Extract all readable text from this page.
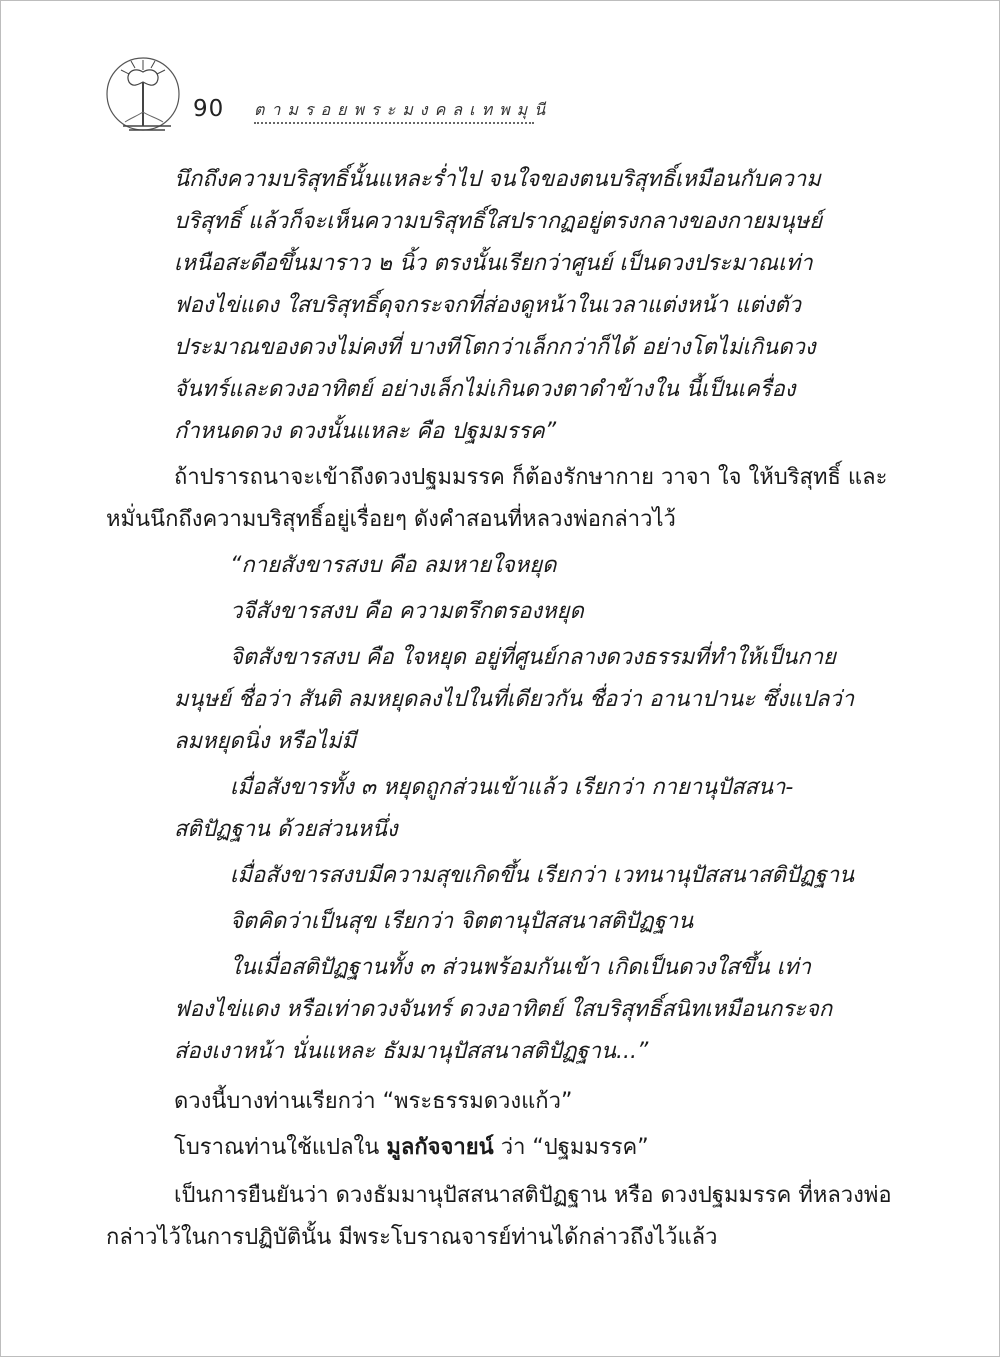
90 ตามรอยพระมงคลเทพมุนี

นึกถึงความบริสุทธิ์นั้นแหละร่ำไป จนใจของตนบริสุทธิ์เหมือนกับความ

บริสุทธิ์ แล้วก็จะเห็นความบริสุทธิ์ใสปรากฏอยู่ตรงกลางของกายมนุษย์

เหนือสะดือขึ้นมาราว ๒ นิ้ว ตรงนั้นเรียกว่าศูนย์ เป็นดวงประมาณเท่า

ฟองไข่แดง ใสบริสุทธิ์ดุจกระจกที่ส่องดูหน้าในเวลาแต่งหน้า แต่งตัว

ประมาณของดวงไม่คงที่ บางทีโตกว่าเล็กกว่าก็ได้ อย่างโตไม่เกินดวง

จันทร์และดวงอาทิตย์ อย่างเล็กไม่เกินดวงตาดำข้างใน นี้เป็นเครื่อง

กำหนดดวง ดวงนั้นแหละ คือ ปฐมมรรค”

ถ้าปรารถนาจะเข้าถึงดวงปฐมมรรค ก็ต้องรักษากาย วาจา ใจ ให้บริสุทธิ์ และ

หมั่นนึกถึงความบริสุทธิ์อยู่เรื่อยๆ ดังคำสอนที่หลวงพ่อกล่าวไว้

“กายสังขารสงบ คือ ลมหายใจหยุด

วจีสังขารสงบ คือ ความตรึกตรองหยุด

จิตสังขารสงบ คือ ใจหยุด อยู่ที่ศูนย์กลางดวงธรรมที่ทำให้เป็นกาย

มนุษย์ ชื่อว่า สันติ ลมหยุดลงไปในที่เดียวกัน ชื่อว่า อานาปานะ ซึ่งแปลว่า

ลมหยุดนิ่ง หรือไม่มี

เมื่อสังขารทั้ง ๓ หยุดถูกส่วนเข้าแล้ว เรียกว่า กายานุปัสสนา-

สติปัฏฐาน ด้วยส่วนหนึ่ง

เมื่อสังขารสงบมีความสุขเกิดขึ้น เรียกว่า เวทนานุปัสสนาสติปัฏฐาน

จิตคิดว่าเป็นสุข เรียกว่า จิตตานุปัสสนาสติปัฏฐาน

ในเมื่อสติปัฏฐานทั้ง ๓ ส่วนพร้อมกันเข้า เกิดเป็นดวงใสขึ้น เท่า

ฟองไข่แดง หรือเท่าดวงจันทร์ ดวงอาทิตย์ ใสบริสุทธิ์สนิทเหมือนกระจก

ส่องเงาหน้า นั่นแหละ ธัมมานุปัสสนาสติปัฏฐาน...”

ดวงนี้บางท่านเรียกว่า “พระธรรมดวงแก้ว”

โบราณท่านใช้แปลใน มูลกัจจายน์ ว่า “ปฐมมรรค”

เป็นการยืนยันว่า ดวงธัมมานุปัสสนาสติปัฏฐาน หรือ ดวงปฐมมรรค ที่หลวงพ่อ

กล่าวไว้ในการปฏิบัตินั้น มีพระโบราณจารย์ท่านได้กล่าวถึงไว้แล้ว
